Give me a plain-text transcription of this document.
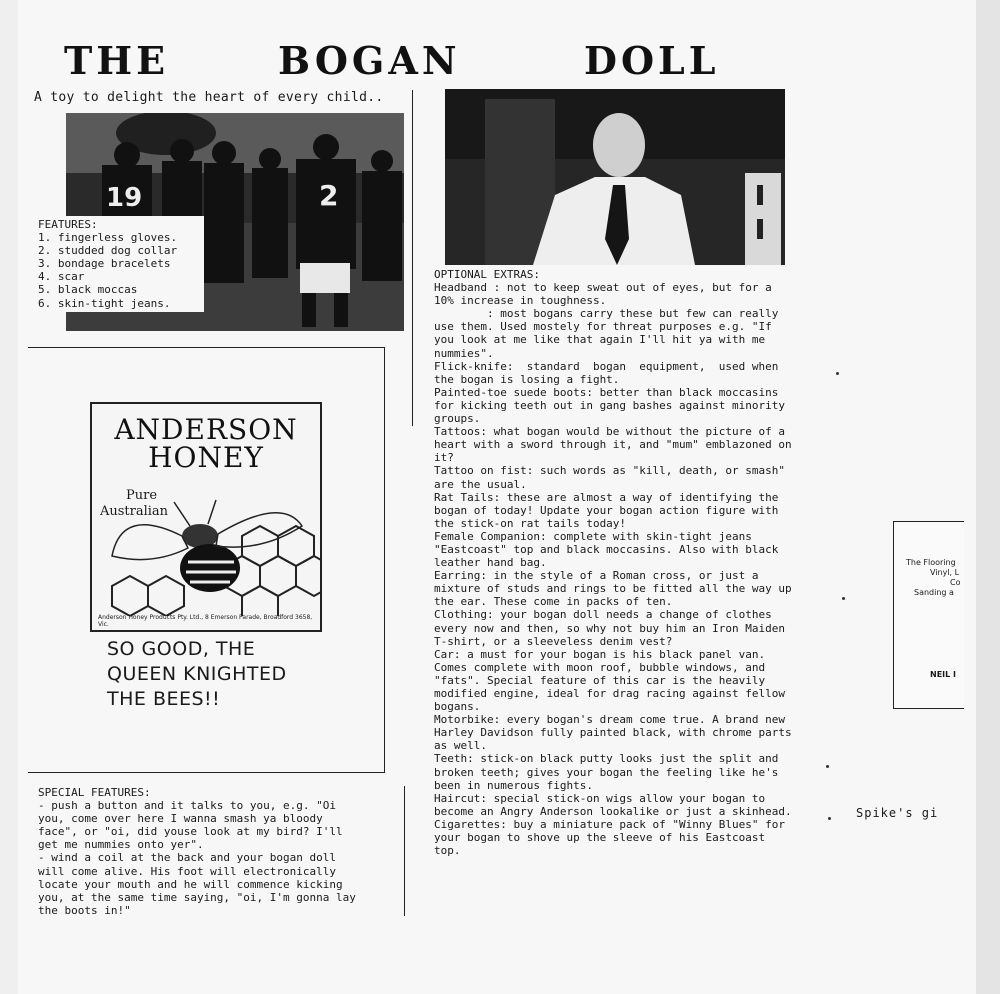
THE	BOGAN	DOLL
A toy to delight the heart of every child..
19	2
FEATURES:
1. fingerless gloves.
2. studded dog collar
3. bondage bracelets
4. scar
5. black moccas
6. skin-tight jeans.
ANDERSON
HONEY
Pure
Australian
Anderson Honey Products Pty. Ltd., 8 Emerson Parade, Broadford 3658, Vic.
SO GOOD, THE
QUEEN KNIGHTED
THE BEES!!
SPECIAL FEATURES:
- push a button and it talks to you, e.g. "Oi you, come over here I wanna smash ya bloody face", or "oi, did youse look at my bird? I'll get me nummies onto yer".
- wind a coil at the back and your bogan doll will come alive. His foot will electronically locate your mouth and he will commence kicking you, at the same time saying, "oi, I'm gonna lay the boots in!"
OPTIONAL EXTRAS:
Headband : not to keep sweat out of eyes, but for a 10% increase in toughness.
: most bogans carry these but few can really use them. Used mostely for threat purposes e.g. "If you look at me like that again I'll hit ya with me nummies".
Flick-knife:  standard  bogan  equipment,  used when the bogan is losing a fight.
Painted-toe suede boots: better than black moccasins for kicking teeth out in gang bashes against minority groups.
Tattoos: what bogan would be without the picture of a heart with a sword through it, and "mum" emblazoned on it?
Tattoo on fist: such words as "kill, death, or smash" are the usual.
Rat Tails: these are almost a way of identifying the bogan of today! Update your bogan action figure with the stick-on rat tails today!
Female Companion: complete with skin-tight jeans "Eastcoast" top and black moccasins. Also with black leather hand bag.
Earring: in the style of a Roman cross, or just a mixture of studs and rings to be fitted all the way up the ear. These come in packs of ten.
Clothing: your bogan doll needs a change of clothes every now and then, so why not buy him an Iron Maiden T-shirt, or a sleeveless denim vest?
Car: a must for your bogan is his black panel van. Comes complete with moon roof, bubble windows, and "fats". Special feature of this car is the heavily modified engine, ideal for drag racing against fellow bogans.
Motorbike: every bogan's dream come true. A brand new Harley Davidson fully painted black, with chrome parts as well.
Teeth: stick-on black putty looks just the split and broken teeth; gives your bogan the feeling like he's been in numerous fights.
Haircut: special stick-on wigs allow your bogan to become an Angry Anderson lookalike or just a skinhead.
Cigarettes: buy a miniature pack of "Winny Blues" for your bogan to shove up the sleeve of his Eastcoast top.
The Flooring
Vinyl, L
Co
Sanding a
NEIL I
Spike's gi
